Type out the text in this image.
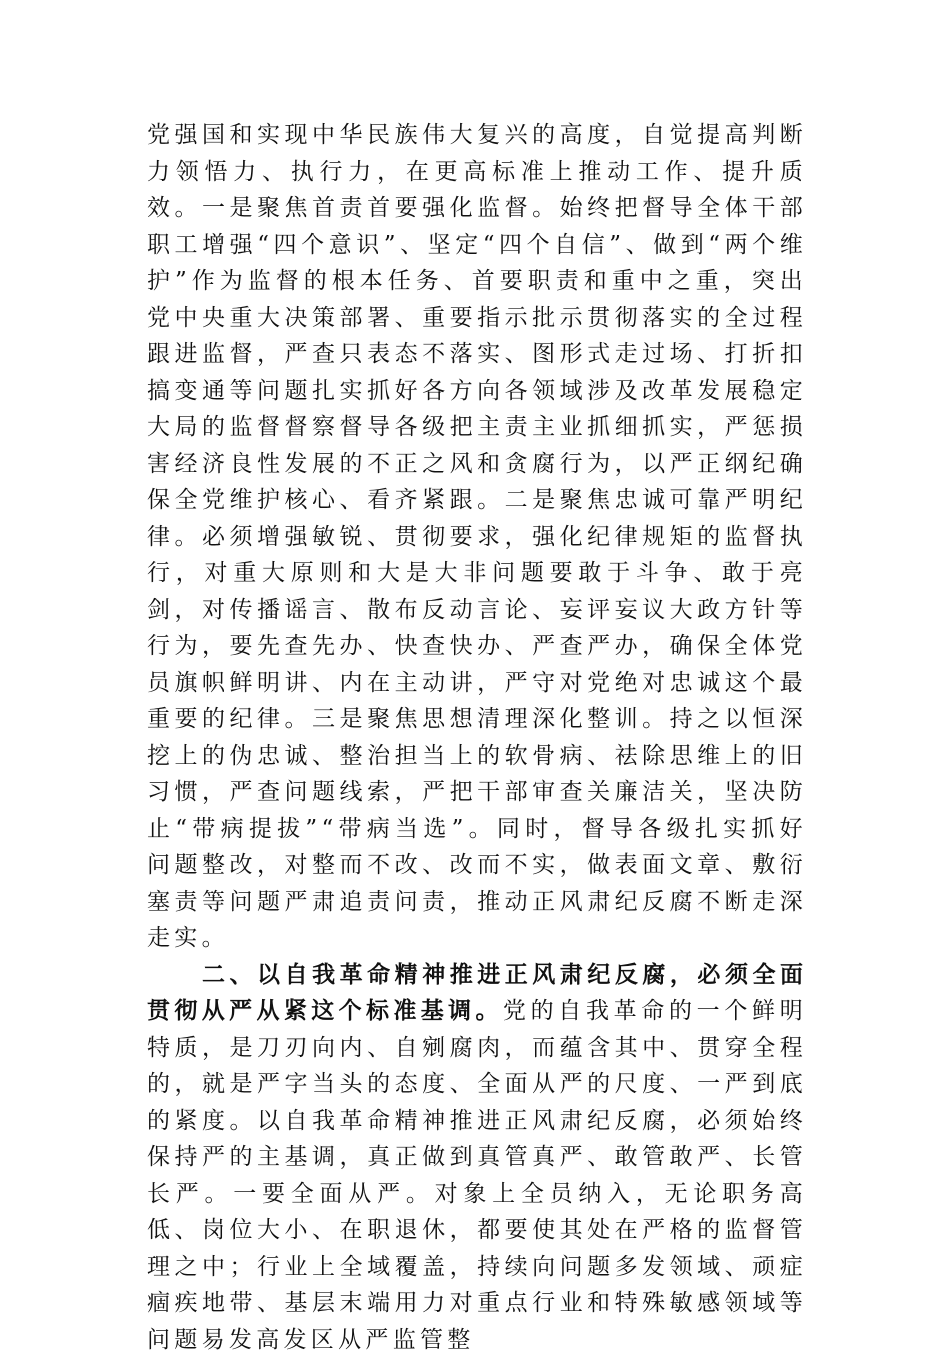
党强国和实现中华民族伟大复兴的高度，自觉提高判断力领悟力、执行力，在更高标准上推动工作、提升质效。一是聚焦首责首要强化监督。始终把督导全体干部职工增强“四个意识”、坚定“四个自信”、做到“两个维护”作为监督的根本任务、首要职责和重中之重，突出党中央重大决策部署、重要指示批示贯彻落实的全过程跟进监督，严查只表态不落实、图形式走过场、打折扣搞变通等问题扎实抓好各方向各领域涉及改革发展稳定大局的监督督察督导各级把主责主业抓细抓实，严惩损害经济良性发展的不正之风和贪腐行为，以严正纲纪确保全党维护核心、看齐紧跟。二是聚焦忠诚可靠严明纪律。必须增强敏锐、贯彻要求，强化纪律规矩的监督执行，对重大原则和大是大非问题要敢于斗争、敢于亮剑，对传播谣言、散布反动言论、妄评妄议大政方针等行为，要先查先办、快查快办、严查严办，确保全体党员旗帜鲜明讲、内在主动讲，严守对党绝对忠诚这个最重要的纪律。三是聚焦思想清理深化整训。持之以恒深挖上的伪忠诚、整治担当上的软骨病、祛除思维上的旧习惯，严查问题线索，严把干部审查关廉洁关，坚决防止“带病提拔”“带病当选”。同时，督导各级扎实抓好问题整改，对整而不改、改而不实，做表面文章、敷衍塞责等问题严肃追责问责，推动正风肃纪反腐不断走深走实。

二、以自我革命精神推进正风肃纪反腐，必须全面贯彻从严从紧这个标准基调。党的自我革命的一个鲜明特质，是刀刃向内、自剜腐肉，而蕴含其中、贯穿全程的，就是严字当头的态度、全面从严的尺度、一严到底的紧度。以自我革命精神推进正风肃纪反腐，必须始终保持严的主基调，真正做到真管真严、敢管敢严、长管长严。一要全面从严。对象上全员纳入，无论职务高低、岗位大小、在职退休，都要使其处在严格的监督管理之中；行业上全域覆盖，持续向问题多发领域、顽症痼疾地带、基层末端用力对重点行业和特殊敏感领域等问题易发高发区从严监管整
